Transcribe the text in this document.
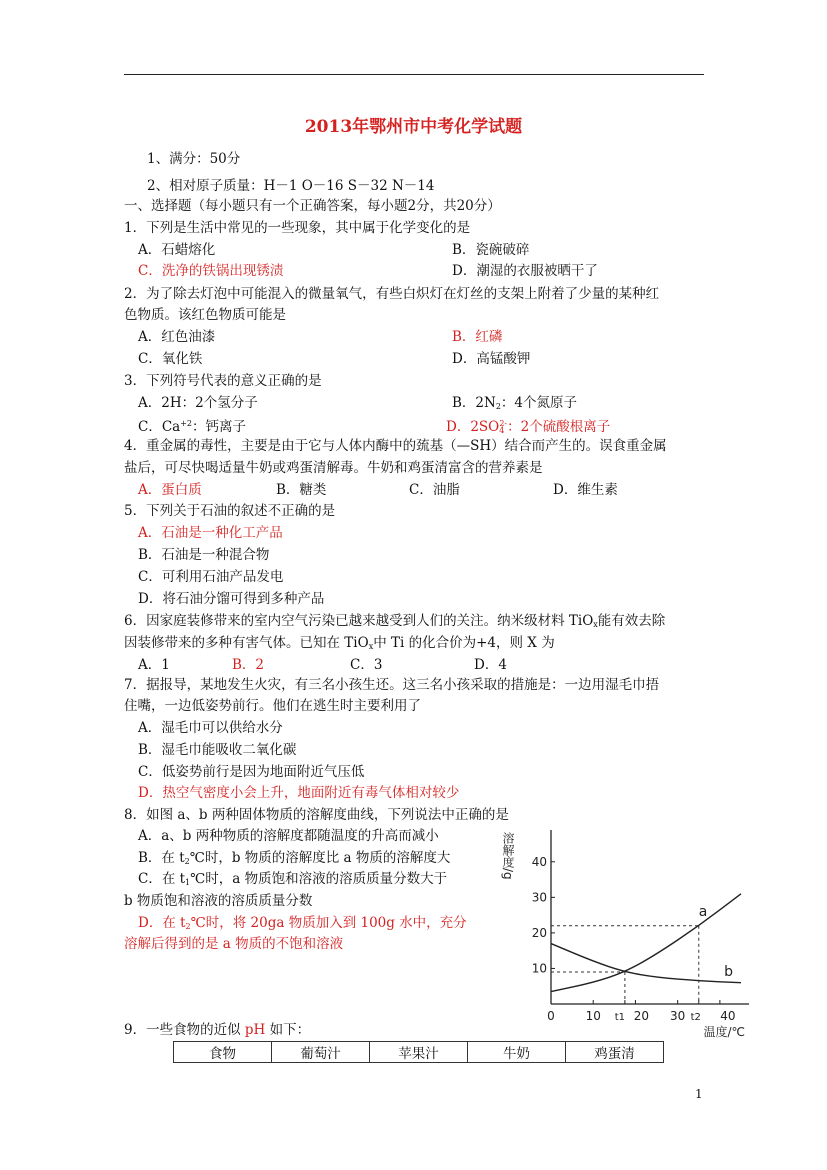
2013年鄂州市中考化学试题
1、满分：50分
2、相对原子质量：H－1 O－16 S－32 N－14
一、选择题（每小题只有一个正确答案，每小题2分，共20分）
1．下列是生活中常见的一些现象，其中属于化学变化的是
A．石蜡熔化	B．瓷碗破碎
C．洗净的铁锅出现锈渍	D．潮湿的衣服被晒干了
2．为了除去灯泡中可能混入的微量氧气，有些白炽灯在灯丝的支架上附着了少量的某种红
色物质。该红色物质可能是
A．红色油漆	B．红磷
C．氧化铁	D．高锰酸钾
3．下列符号代表的意义正确的是
A．2H：2个氢分子	B．$2N_2$：4个氮原子
C．$Ca^{+2}$：钙离子	D．$2SO_4^{2-}$：2个硫酸根离子
4．重金属的毒性，主要是由于它与人体内酶中的巯基（—SH）结合而产生的。误食重金属
盐后，可尽快喝适量牛奶或鸡蛋清解毒。牛奶和鸡蛋清富含的营养素是
A．蛋白质	B．糖类	C．油脂	D．维生素
5．下列关于石油的叙述不正确的是
A．石油是一种化工产品
B．石油是一种混合物
C．可利用石油产品发电
D．将石油分馏可得到多种产品
6．因家庭装修带来的室内空气污染已越来越受到人们的关注。纳米级材料 TiO$_x$能有效去除
因装修带来的多种有害气体。已知在 TiO$_x$中 Ti 的化合价为+4，则 X 为
A．1	B．2	C．3	D．4
7．据报导，某地发生火灾，有三名小孩生还。这三名小孩采取的措施是：一边用湿毛巾捂
住嘴，一边低姿势前行。他们在逃生时主要利用了
A．湿毛巾可以供给水分
B．湿毛巾能吸收二氧化碳
C．低姿势前行是因为地面附近气压低
D．热空气密度小会上升，地面附近有毒气体相对较少
8．如图 a、b 两种固体物质的溶解度曲线，下列说法中正确的是
A．a、b 两种物质的溶解度都随温度的升高而减小
B．在 $t_2℃$时，b 物质的溶解度比 a 物质的溶解度大
C．在 $t_1℃$时，a 物质饱和溶液的溶质质量分数大于
b 物质饱和溶液的溶质质量分数
D．在 $t_2℃$时，将 20ga 物质加入到 100g 水中，充分
溶解后得到的是 a 物质的不饱和溶液
溶解度/g
10
20
30
40
0	10 t1 20 30 t2 40
温度/℃
a
b
9．一些食物的近似 pH 如下：
食物	葡萄汁	苹果汁	牛奶	鸡蛋清
1
